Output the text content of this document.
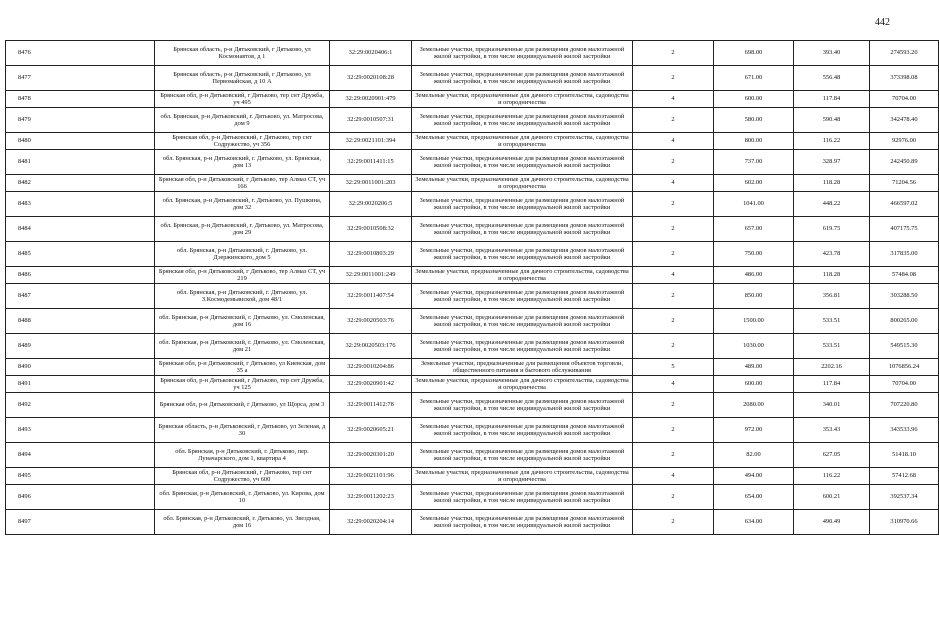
442
8476	Брянская область, р-н Дятьковский, г Дятьково, ул Космонавтов, д 1	32:29:0020406:1	Земельные участки, предназначенные для размещения домов малоэтажной жилой застройки, в том числе индивидуальной жилой застройки	2	698.00	393.40	274593.20
8477	Брянская область, р-н Дятьковский, г Дятьково, ул Первомайская, д 10 А	32:29:0020108:28	Земельные участки, предназначенные для размещения домов малоэтажной жилой застройки, в том числе индивидуальной жилой застройки	2	671.00	556.48	373398.08
8478	Брянская обл, р-н Дятьковский, г Дятьково, тер снт Дружба, уч 495	32:29:0020901:479	Земельные участки, предназначенные для дачного строительства, садоводства и огородничества	4	600.00	117.84	70704.00
8479	обл. Брянская, р-н Дятьковский, г. Дятьково, ул. Матросова, дом 9	32:29:0010507:31	Земельные участки, предназначенные для размещения домов малоэтажной жилой застройки, в том числе индивидуальной жилой застройки	2	580.00	590.48	342478.40
8480	Брянская обл, р-н Дятьковский, г Дятьково, тер снт Содружество, уч 356	32:29:0021101:394	Земельные участки, предназначенные для дачного строительства, садоводства и огородничества	4	800.00	116.22	92976.00
8481	обл. Брянская, р-н Дятьковский, г. Дятьково, ул. Брянская, дом 13	32:29:0011411:15	Земельные участки, предназначенные для размещения домов малоэтажной жилой застройки, в том числе индивидуальной жилой застройки	2	737.00	328.97	242450.89
8482	Брянская обл, р-н Дятьковский, г Дятьково, тер Алмаз СТ, уч 166	32:29:0011001:203	Земельные участки, предназначенные для дачного строительства, садоводства и огородничества	4	602.00	118.28	71204.56
8483	обл. Брянская, р-н Дятьковский, г. Дятьково, ул. Пушкина, дом 32	32:29:0020206:5	Земельные участки, предназначенные для размещения домов малоэтажной жилой застройки, в том числе индивидуальной жилой застройки	2	1041.00	448.22	466597.02
8484	обл. Брянская, р-н Дятьковский, г. Дятьково, ул. Матросова, дом 29	32:29:0010508:32	Земельные участки, предназначенные для размещения домов малоэтажной жилой застройки, в том числе индивидуальной жилой застройки	2	657.00	619.75	407175.75
8485	обл. Брянская, р-н Дятьковский, г. Дятьково, ул. Дзержинского, дом 5	32:29:0010803:29	Земельные участки, предназначенные для размещения домов малоэтажной жилой застройки, в том числе индивидуальной жилой застройки	2	750.00	423.78	317835.00
8486	Брянская обл, р-н Дятьковский, г Дятьково, тер Алмаз СТ, уч 219	32:29:0011001:249	Земельные участки, предназначенные для дачного строительства, садоводства и огородничества	4	486.00	118.28	57484.08
8487	обл. Брянская, р-н Дятьковский, г. Дятьково, ул. З.Космодемьянской, дом 48/1	32:29:0011407:54	Земельные участки, предназначенные для размещения домов малоэтажной жилой застройки, в том числе индивидуальной жилой застройки	2	850.00	356.81	303288.50
8488	обл. Брянская, р-н Дятьковский, г. Дятьково, ул. Смоленская, дом 16	32:29:0020503:76	Земельные участки, предназначенные для размещения домов малоэтажной жилой застройки, в том числе индивидуальной жилой застройки	2	1500.00	533.51	800265.00
8489	обл. Брянская, р-н Дятьковский, г. Дятьково, ул. Смоленская, дом 21	32:29:0020503:176	Земельные участки, предназначенные для размещения домов малоэтажной жилой застройки, в том числе индивидуальной жилой застройки	2	1030.00	533.51	549515.30
8490	Брянская обл, р-н Дятьковский, г Дятьково, ул Киевская, дом 35 а	32:29:0010204:86	Земельные участки, предназначенные для размещения объектов торговли, общественного питания и бытового обслуживания	5	489.00	2202.16	1076856.24
8491	Брянская обл, р-н Дятьковский, г Дятьково, тер снт Дружба, уч 125	32:29:0020901:42	Земельные участки, предназначенные для дачного строительства, садоводства и огородничества	4	600.00	117.84	70704.00
8492	Брянская обл, р-н Дятьковский, г Дятьково, ул Щорса, дом 3	32:29:0011412:78	Земельные участки, предназначенные для размещения домов малоэтажной жилой застройки, в том числе индивидуальной жилой застройки	2	2080.00	340.01	707220.80
8493	Брянская область, р-н Дятьковский, г Дятьково, ул Зеленая, д 30	32:29:0020605:21	Земельные участки, предназначенные для размещения домов малоэтажной жилой застройки, в том числе индивидуальной жилой застройки	2	972.00	353.43	343533.96
8494	обл. Брянская, р-н Дятьковский, г. Дятьково, пер. Луначарского, дом 1, квартира 4	32:29:0020301:20	Земельные участки, предназначенные для размещения домов малоэтажной жилой застройки, в том числе индивидуальной жилой застройки	2	82.00	627.05	51418.10
8495	Брянская обл, р-н Дятьковский, г Дятьково, тер снт Содружество, уч 600	32:29:0021101:96	Земельные участки, предназначенные для дачного строительства, садоводства и огородничества	4	494.00	116.22	57412.68
8496	обл. Брянская, р-н Дятьковский, г. Дятьково, ул. Кирова, дом 10	32:29:0011202:23	Земельные участки, предназначенные для размещения домов малоэтажной жилой застройки, в том числе индивидуальной жилой застройки	2	654.00	600.21	392537.34
8497	обл. Брянская, р-н Дятьковский, г. Дятьково, ул. Звездная, дом 16	32:29:0020204:14	Земельные участки, предназначенные для размещения домов малоэтажной жилой застройки, в том числе индивидуальной жилой застройки	2	634.00	490.49	310970.66
